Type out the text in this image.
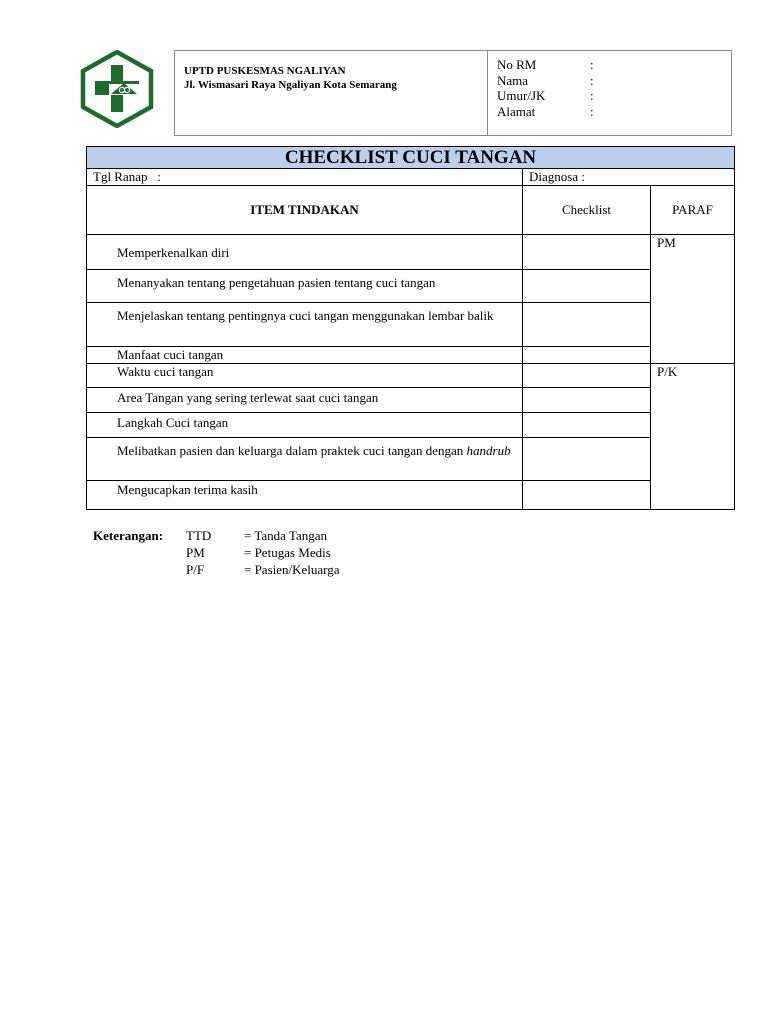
UPTD PUSKESMAS NGALIYAN
Jl. Wismasari Raya Ngaliyan Kota Semarang
No RM	:
Nama	:
Umur/JK	:
Alamat	:
CHECKLIST CUCI TANGAN		
Tgl Ranap   :	Diagnosa :	
ITEM TINDAKAN	Checklist	PARAF
Memperkenalkan diri		PM
Menanyakan tentang pengetahuan pasien tentang cuci tangan		
Menjelaskan tentang pentingnya cuci tangan menggunakan lembar balik		
Manfaat cuci tangan		
Waktu cuci tangan		P/K
Area Tangan yang sering terlewat saat cuci tangan		
Langkah Cuci tangan		
Melibatkan pasien dan keluarga dalam praktek cuci tangan dengan handrub		
Mengucapkan terima kasih		
Keterangan: TTD	= Tanda Tangan
PM	= Petugas Medis
P/F	= Pasien/Keluarga
